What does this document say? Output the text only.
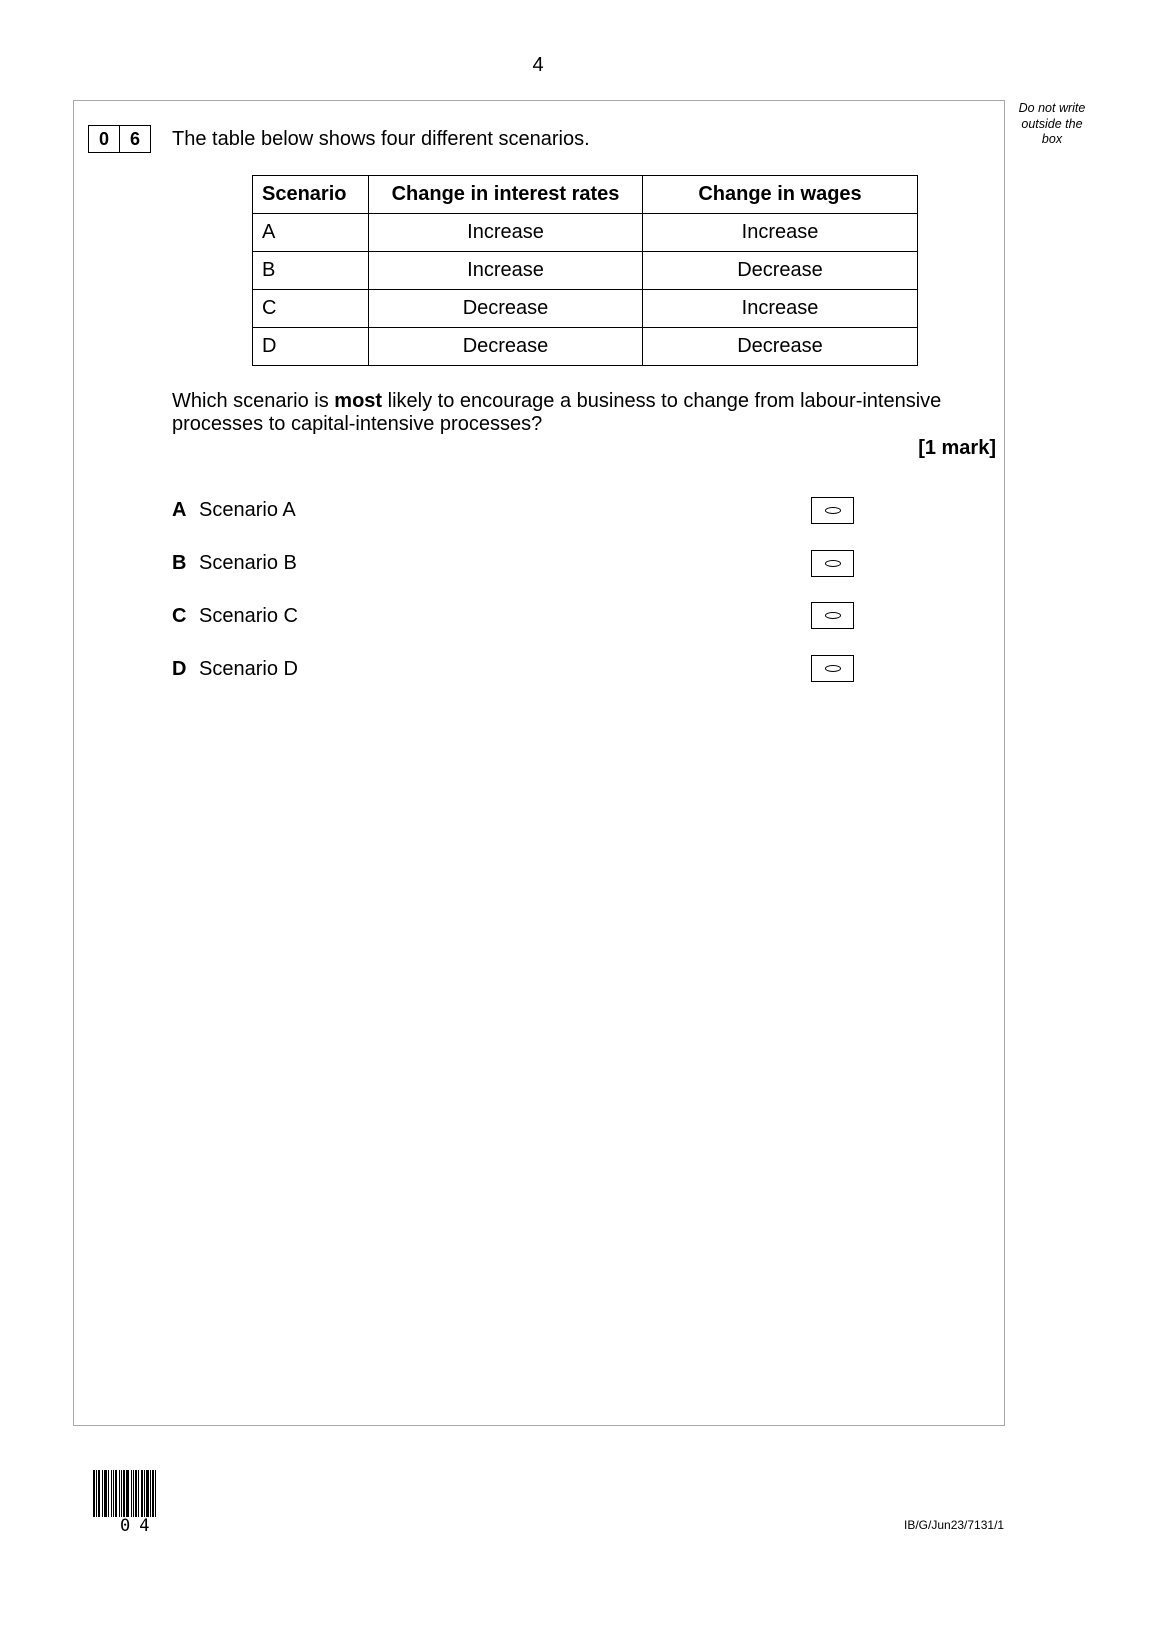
4
Do not write outside the box
0	6	The table below shows four different scenarios.
Scenario	Change in interest rates	Change in wages
A	Increase	Increase
B	Increase	Decrease
C	Decrease	Increase
D	Decrease	Decrease
Which scenario is most likely to encourage a business to change from labour-intensive processes to capital-intensive processes?
[1 mark]
A Scenario A
B Scenario B
C Scenario C
D Scenario D
04	IB/G/Jun23/7131/1
